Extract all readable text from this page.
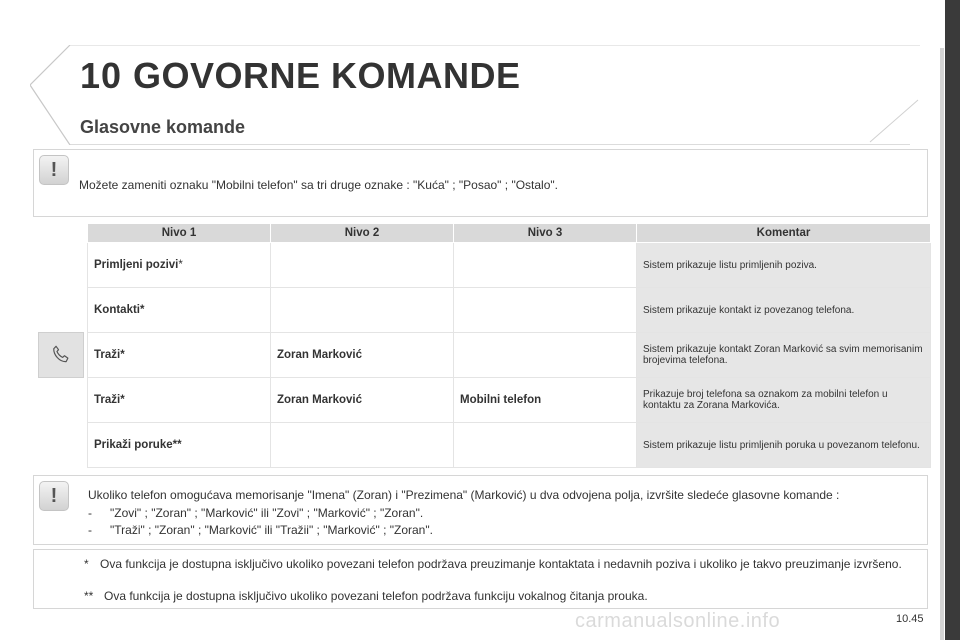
10 GOVORNE KOMANDE
Glasovne komande
!
Možete zameniti oznaku "Mobilni telefon" sa tri druge oznake : "Kuća" ; "Posao" ; "Ostalo".
	Nivo 1	Nivo 2	Nivo 3	Komentar

	Primljeni pozivi*			Sistem prikazuje listu primljenih poziva.
	Kontakti*			Sistem prikazuje kontakt iz povezanog telefona.
	Traži*	Zoran Marković		Sistem prikazuje kontakt Zoran Marković sa svim memorisanim brojevima telefona.
	Traži*	Zoran Marković	Mobilni telefon	Prikazuje broj telefona sa oznakom za mobilni telefon u kontaktu za Zorana Markovića.
	Prikaži poruke**			Sistem prikazuje listu primljenih poruka u povezanom telefonu.
!	Ukoliko telefon omogućava memorisanje "Imena" (Zoran) i "Prezimena" (Marković) u dva odvojena polja, izvršite sledeće glasovne komande :
- "Zovi" ; "Zoran" ; "Marković" ili "Zovi" ; "Marković" ; "Zoran".
- "Traži" ; "Zoran" ; "Marković" ili "Tražii" ; "Marković" ; "Zoran".
* Ova funkcija je dostupna isključivo ukoliko povezani telefon podržava preuzimanje kontaktata i nedavnih poziva i ukoliko je takvo preuzimanje izvršeno.
** Ova funkcija je dostupna isključivo ukoliko povezani telefon podržava funkciju vokalnog čitanja prouka.
carmanualsonline.info	10.45
